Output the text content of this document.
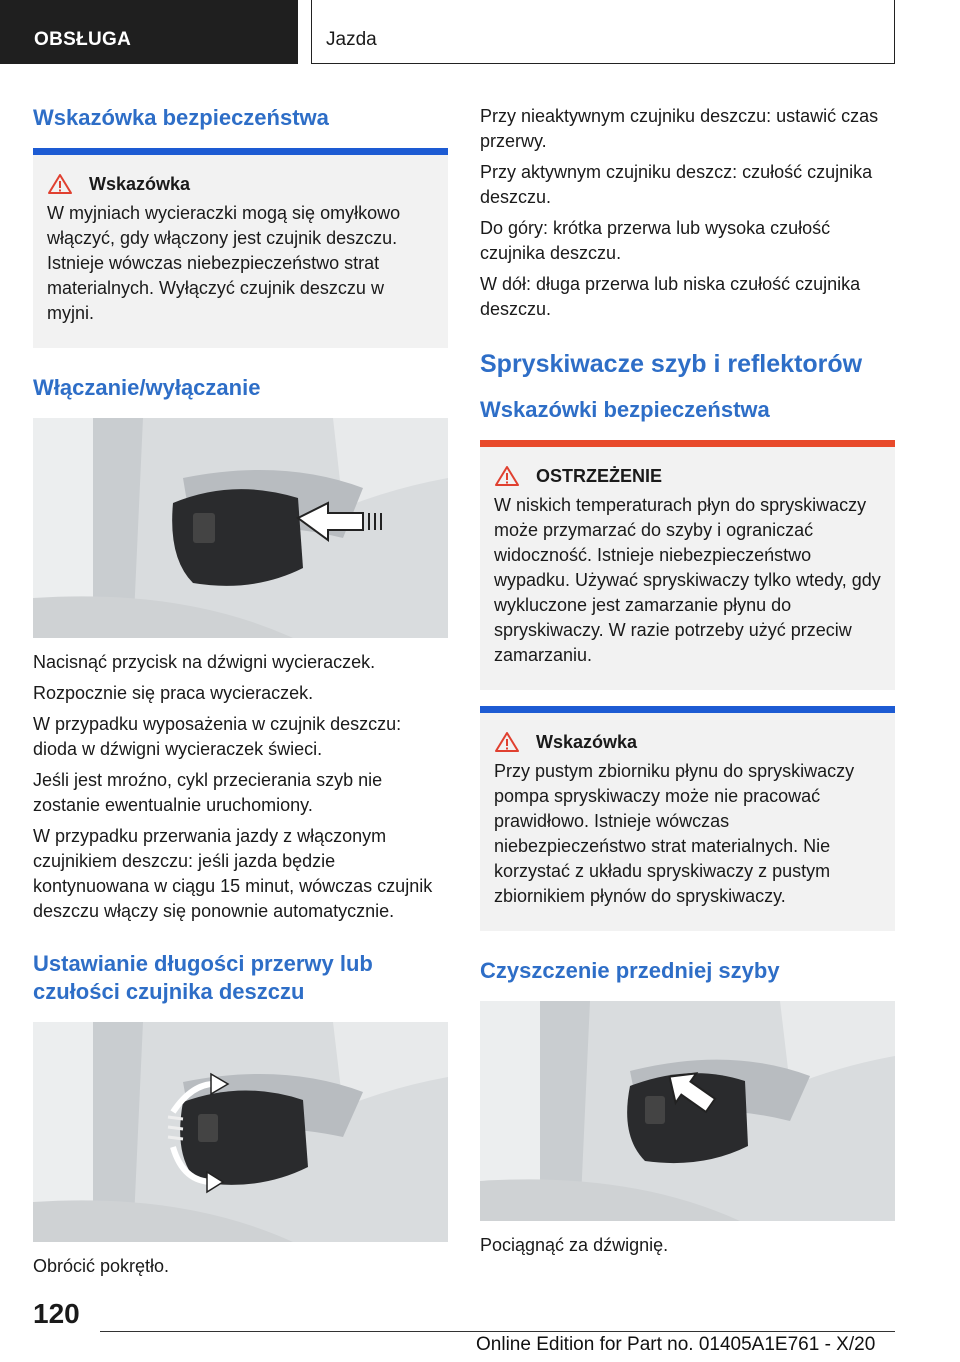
OBSŁUGA	Jazda
Wskazówka bezpieczeństwa
Wskazówka

W myjniach wycieraczki mogą się omyłkowo włączyć, gdy włączony jest czujnik deszczu. Istnieje wówczas niebezpieczeństwo strat materialnych. Wyłączyć czujnik deszczu w myjni.

Włączanie/wyłączanie

Nacisnąć przycisk na dźwigni wycieraczek.

Rozpocznie się praca wycieraczek.

W przypadku wyposażenia w czujnik deszczu: dioda w dźwigni wycieraczek świeci.

Jeśli jest mroźno, cykl przecierania szyb nie zostanie ewentualnie uruchomiony.

W przypadku przerwania jazdy z włączonym czujnikiem deszczu: jeśli jazda będzie kontynuowana w ciągu 15 minut, wówczas czujnik deszczu włączy się ponownie automatycznie.

Ustawianie długości przerwy lub czułości czujnika deszczu

Obrócić pokrętło.

Przy nieaktywnym czujniku deszczu: ustawić czas przerwy.

Przy aktywnym czujniku deszcz: czułość czujnika deszczu.

Do góry: krótka przerwa lub wysoka czułość czujnika deszczu.

W dół: długa przerwa lub niska czułość czujnika deszczu.

Spryskiwacze szyb i reflektorów
Wskazówki bezpieczeństwa
OSTRZEŻENIE

W niskich temperaturach płyn do spryskiwaczy może przymarzać do szyby i ograniczać widoczność. Istnieje niebezpieczeństwo wypadku. Używać spryskiwaczy tylko wtedy, gdy wykluczone jest zamarzanie płynu do spryskiwaczy. W razie potrzeby użyć przeciw zamarzaniu.

Wskazówka

Przy pustym zbiorniku płynu do spryskiwaczy pompa spryskiwaczy może nie pracować prawidłowo. Istnieje wówczas niebezpieczeństwo strat materialnych. Nie korzystać z układu spryskiwaczy z pustym zbiornikiem płynów do spryskiwaczy.

Czyszczenie przedniej szyby

Pociągnąć za dźwignię.

120
Online Edition for Part no. 01405A1E761 - X/20
